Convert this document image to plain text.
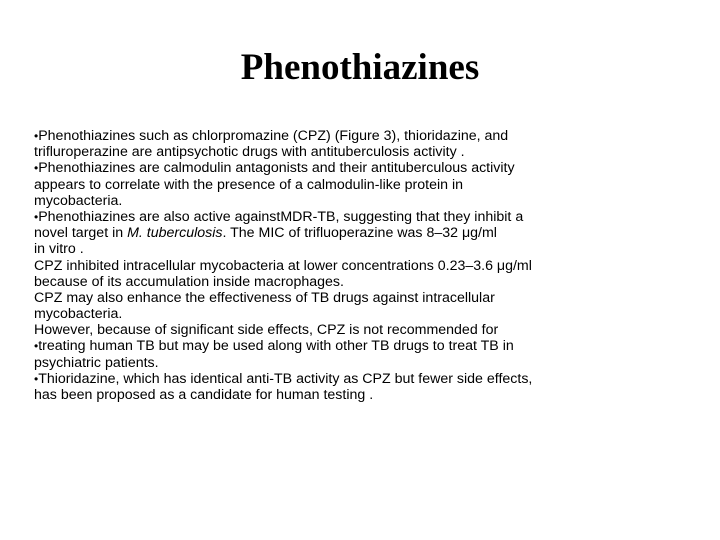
Phenothiazines
•Phenothiazines such as chlorpromazine (CPZ) (Figure 3), thioridazine, and
trifluroperazine are antipsychotic drugs with antituberculosis activity .
•Phenothiazines are calmodulin antagonists and their antituberculous activity
appears to correlate with the presence of a calmodulin-like protein in
mycobacteria.
•Phenothiazines are also active againstMDR-TB, suggesting that they inhibit a
novel target in M. tuberculosis. The MIC of trifluoperazine was 8–32 μg/ml
in vitro .
CPZ inhibited intracellular mycobacteria at lower concentrations 0.23–3.6 μg/ml
because of its accumulation inside macrophages.
CPZ may also enhance the effectiveness of TB drugs against intracellular
mycobacteria.
However, because of significant side effects, CPZ is not recommended for
•treating human TB but may be used along with other TB drugs to treat TB in
psychiatric patients.
•Thioridazine, which has identical anti-TB activity as CPZ but fewer side effects,
has been proposed as a candidate for human testing .
